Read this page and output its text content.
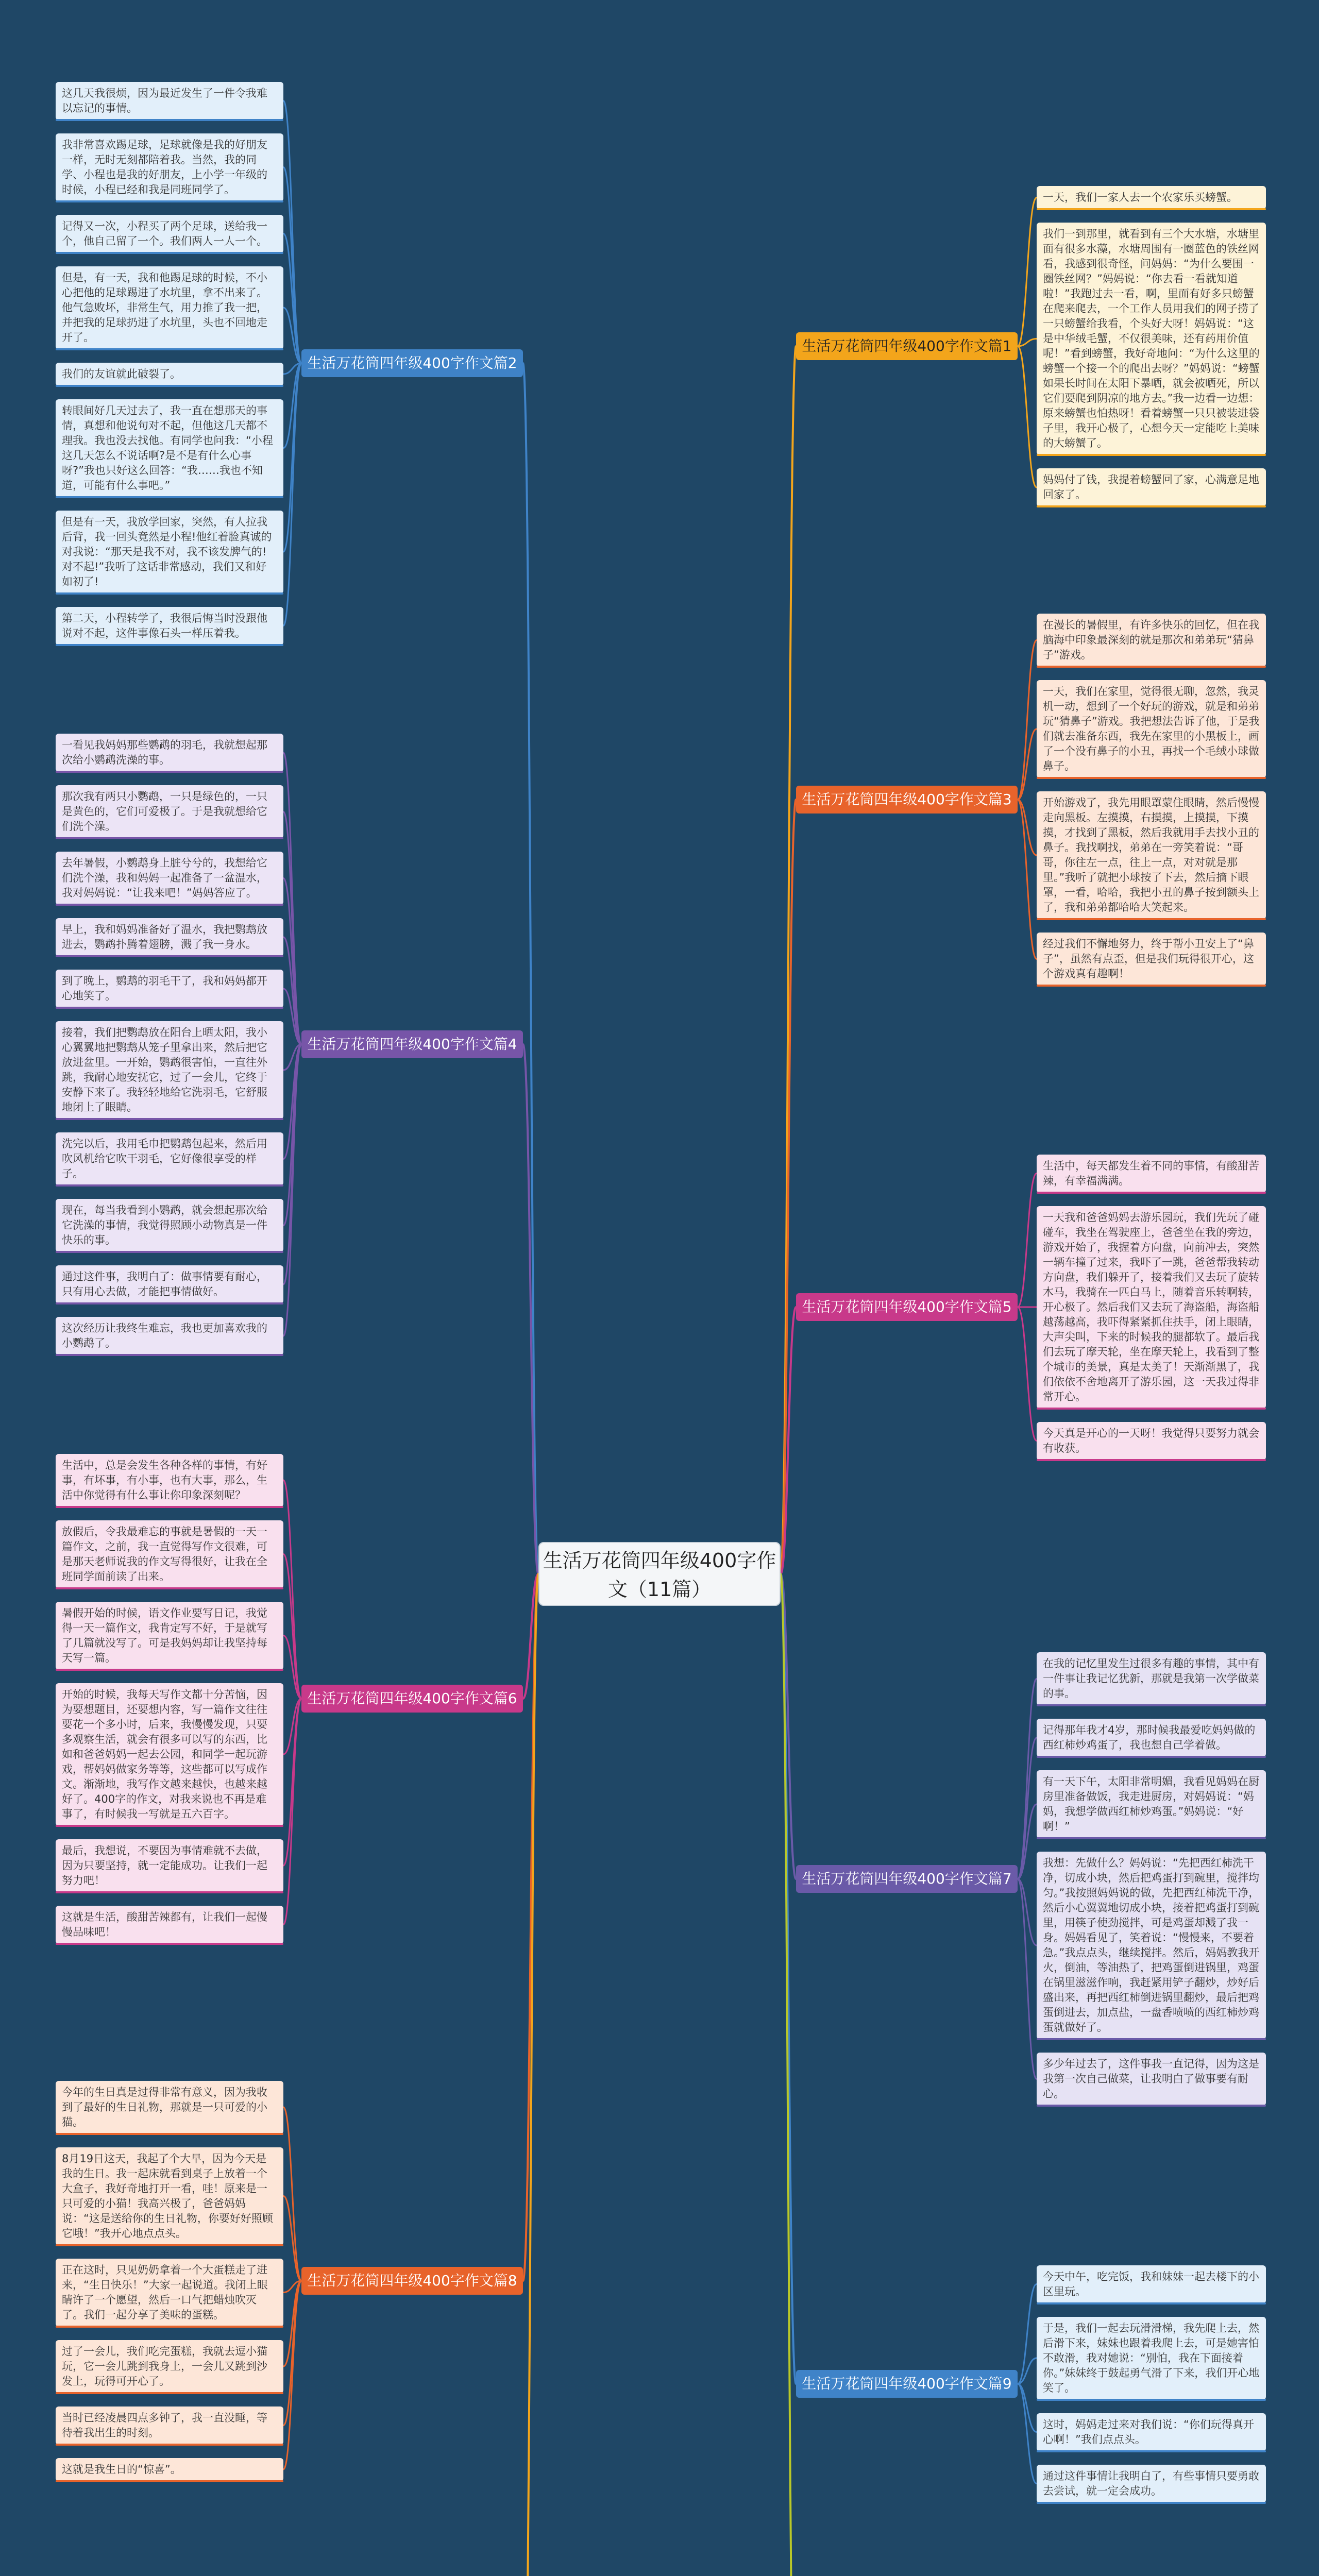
生活万花筒四年级400字作文（11篇）
生活万花筒四年级400字作文篇1
一天，我们一家人去一个农家乐买螃蟹。
我们一到那里，就看到有三个大水塘，水塘里面有很多水藻，水塘周围有一圈蓝色的铁丝网看，我感到很奇怪，问妈妈：“为什么要围一圈铁丝网？”妈妈说：“你去看一看就知道啦！”我跑过去一看，啊，里面有好多只螃蟹在爬来爬去，一个工作人员用我们的网子捞了一只螃蟹给我看，个头好大呀！妈妈说：“这是中华绒毛蟹，不仅很美味，还有药用价值呢！”看到螃蟹，我好奇地问：“为什么这里的螃蟹一个接一个的爬出去呀？”妈妈说：“螃蟹如果长时间在太阳下暴晒，就会被晒死，所以它们要爬到阴凉的地方去。”我一边看一边想：原来螃蟹也怕热呀！看着螃蟹一只只被装进袋子里，我开心极了，心想今天一定能吃上美味的大螃蟹了。
妈妈付了钱，我提着螃蟹回了家，心满意足地回家了。
生活万花筒四年级400字作文篇2
这几天我很烦，因为最近发生了一件令我难以忘记的事情。
我非常喜欢踢足球，足球就像是我的好朋友一样，无时无刻都陪着我。当然，我的同学、小程也是我的好朋友，上小学一年级的时候，小程已经和我是同班同学了。
记得又一次，小程买了两个足球，送给我一个，他自己留了一个。我们两人一人一个。
但是，有一天，我和他踢足球的时候，不小心把他的足球踢进了水坑里，拿不出来了。他气急败坏，非常生气，用力推了我一把，并把我的足球扔进了水坑里，头也不回地走开了。
我们的友谊就此破裂了。
转眼间好几天过去了，我一直在想那天的事情，真想和他说句对不起，但他这几天都不理我。我也没去找他。有同学也问我：“小程这几天怎么不说话啊?是不是有什么心事呀?”我也只好这么回答：“我……我也不知道，可能有什么事吧。”
但是有一天，我放学回家，突然，有人拉我后背，我一回头竟然是小程!他红着脸真诚的对我说：“那天是我不对，我不该发脾气的!对不起!”我听了这话非常感动，我们又和好如初了!
第二天，小程转学了，我很后悔当时没跟他说对不起，这件事像石头一样压着我。
生活万花筒四年级400字作文篇3
在漫长的暑假里，有许多快乐的回忆，但在我脑海中印象最深刻的就是那次和弟弟玩“猜鼻子”游戏。
一天，我们在家里，觉得很无聊，忽然，我灵机一动，想到了一个好玩的游戏，就是和弟弟玩“猜鼻子”游戏。我把想法告诉了他，于是我们就去准备东西，我先在家里的小黑板上，画了一个没有鼻子的小丑，再找一个毛绒小球做鼻子。
开始游戏了，我先用眼罩蒙住眼睛，然后慢慢走向黑板。左摸摸，右摸摸，上摸摸，下摸摸，才找到了黑板，然后我就用手去找小丑的鼻子。我找啊找，弟弟在一旁笑着说：“哥哥，你往左一点，往上一点，对对就是那里。”我听了就把小球按了下去，然后摘下眼罩，一看，哈哈，我把小丑的鼻子按到额头上了，我和弟弟都哈哈大笑起来。
经过我们不懈地努力，终于帮小丑安上了“鼻子”，虽然有点歪，但是我们玩得很开心，这个游戏真有趣啊！
生活万花筒四年级400字作文篇4
一看见我妈妈那些鹦鹉的羽毛，我就想起那次给小鹦鹉洗澡的事。
那次我有两只小鹦鹉，一只是绿色的，一只是黄色的，它们可爱极了。于是我就想给它们洗个澡。
去年暑假，小鹦鹉身上脏兮兮的，我想给它们洗个澡，我和妈妈一起准备了一盆温水，我对妈妈说：“让我来吧！”妈妈答应了。
早上，我和妈妈准备好了温水，我把鹦鹉放进去，鹦鹉扑腾着翅膀，溅了我一身水。
到了晚上，鹦鹉的羽毛干了，我和妈妈都开心地笑了。
接着，我们把鹦鹉放在阳台上晒太阳，我小心翼翼地把鹦鹉从笼子里拿出来，然后把它放进盆里。一开始，鹦鹉很害怕，一直往外跳，我耐心地安抚它，过了一会儿，它终于安静下来了。我轻轻地给它洗羽毛，它舒服地闭上了眼睛。
洗完以后，我用毛巾把鹦鹉包起来，然后用吹风机给它吹干羽毛，它好像很享受的样子。
现在，每当我看到小鹦鹉，就会想起那次给它洗澡的事情，我觉得照顾小动物真是一件快乐的事。
通过这件事，我明白了：做事情要有耐心，只有用心去做，才能把事情做好。
这次经历让我终生难忘，我也更加喜欢我的小鹦鹉了。
生活万花筒四年级400字作文篇5
生活中，每天都发生着不同的事情，有酸甜苦辣，有幸福满满。
一天我和爸爸妈妈去游乐园玩，我们先玩了碰碰车，我坐在驾驶座上，爸爸坐在我的旁边，游戏开始了，我握着方向盘，向前冲去，突然一辆车撞了过来，我吓了一跳，爸爸帮我转动方向盘，我们躲开了，接着我们又去玩了旋转木马，我骑在一匹白马上，随着音乐转啊转，开心极了。然后我们又去玩了海盗船，海盗船越荡越高，我吓得紧紧抓住扶手，闭上眼睛，大声尖叫，下来的时候我的腿都软了。最后我们去玩了摩天轮，坐在摩天轮上，我看到了整个城市的美景，真是太美了！天渐渐黑了，我们依依不舍地离开了游乐园，这一天我过得非常开心。
今天真是开心的一天呀！我觉得只要努力就会有收获。
生活万花筒四年级400字作文篇6
生活中，总是会发生各种各样的事情，有好事，有坏事，有小事，也有大事，那么，生活中你觉得有什么事让你印象深刻呢？
放假后，令我最难忘的事就是暑假的一天一篇作文，之前，我一直觉得写作文很难，可是那天老师说我的作文写得很好，让我在全班同学面前读了出来。
暑假开始的时候，语文作业要写日记，我觉得一天一篇作文，我肯定写不好，于是就写了几篇就没写了。可是我妈妈却让我坚持每天写一篇。
开始的时候，我每天写作文都十分苦恼，因为要想题目，还要想内容，写一篇作文往往要花一个多小时，后来，我慢慢发现，只要多观察生活，就会有很多可以写的东西，比如和爸爸妈妈一起去公园，和同学一起玩游戏，帮妈妈做家务等等，这些都可以写成作文。渐渐地，我写作文越来越快，也越来越好了。400字的作文，对我来说也不再是难事了，有时候我一写就是五六百字。
最后，我想说，不要因为事情难就不去做，因为只要坚持，就一定能成功。让我们一起努力吧！
这就是生活，酸甜苦辣都有，让我们一起慢慢品味吧！
生活万花筒四年级400字作文篇7
在我的记忆里发生过很多有趣的事情，其中有一件事让我记忆犹新，那就是我第一次学做菜的事。
记得那年我才4岁，那时候我最爱吃妈妈做的西红柿炒鸡蛋了，我也想自己学着做。
有一天下午，太阳非常明媚，我看见妈妈在厨房里准备做饭，我走进厨房，对妈妈说：“妈妈，我想学做西红柿炒鸡蛋。”妈妈说：“好啊！”
我想：先做什么？妈妈说：“先把西红柿洗干净，切成小块，然后把鸡蛋打到碗里，搅拌均匀。”我按照妈妈说的做，先把西红柿洗干净，然后小心翼翼地切成小块，接着把鸡蛋打到碗里，用筷子使劲搅拌，可是鸡蛋却溅了我一身。妈妈看见了，笑着说：“慢慢来，不要着急。”我点点头，继续搅拌。然后，妈妈教我开火，倒油，等油热了，把鸡蛋倒进锅里，鸡蛋在锅里滋滋作响，我赶紧用铲子翻炒，炒好后盛出来，再把西红柿倒进锅里翻炒，最后把鸡蛋倒进去，加点盐，一盘香喷喷的西红柿炒鸡蛋就做好了。
多少年过去了，这件事我一直记得，因为这是我第一次自己做菜，让我明白了做事要有耐心。
生活万花筒四年级400字作文篇8
今年的生日真是过得非常有意义，因为我收到了最好的生日礼物，那就是一只可爱的小猫。
8月19日这天，我起了个大早，因为今天是我的生日。我一起床就看到桌子上放着一个大盒子，我好奇地打开一看，哇！原来是一只可爱的小猫！我高兴极了，爸爸妈妈说：“这是送给你的生日礼物，你要好好照顾它哦！”我开心地点点头。
正在这时，只见奶奶拿着一个大蛋糕走了进来，“生日快乐！”大家一起说道。我闭上眼睛许了一个愿望，然后一口气把蜡烛吹灭了。我们一起分享了美味的蛋糕。
过了一会儿，我们吃完蛋糕，我就去逗小猫玩，它一会儿跳到我身上，一会儿又跳到沙发上，玩得可开心了。
当时已经凌晨四点多钟了，我一直没睡，等待着我出生的时刻。
这就是我生日的“惊喜”。
生活万花筒四年级400字作文篇9
今天中午，吃完饭，我和妹妹一起去楼下的小区里玩。
于是，我们一起去玩滑滑梯，我先爬上去，然后滑下来，妹妹也跟着我爬上去，可是她害怕不敢滑，我对她说：“别怕，我在下面接着你。”妹妹终于鼓起勇气滑了下来，我们开心地笑了。
这时，妈妈走过来对我们说：“你们玩得真开心啊！”我们点点头。
通过这件事情让我明白了，有些事情只要勇敢去尝试，就一定会成功。
